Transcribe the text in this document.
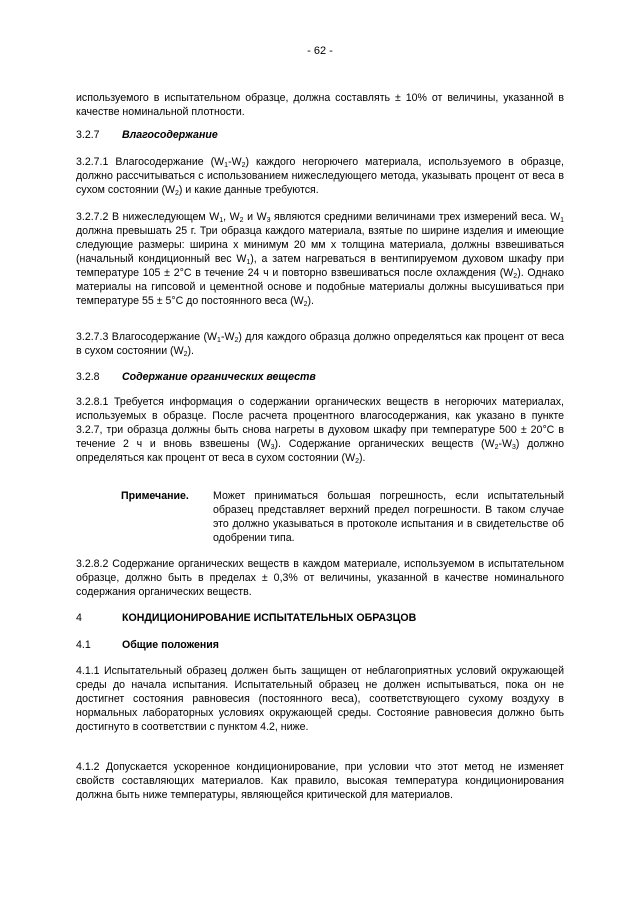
- 62 -
используемого в испытательном образце, должна составлять ± 10% от величины, указанной в качестве номинальной плотности.
3.2.7 Влагосодержание
3.2.7.1 Влагосодержание $(W_1-W_2)$ каждого негорючего материала, используемого в образце, должно рассчитываться с использованием нижеследующего метода, указывать процент от веса в сухом состоянии $(W_2)$ и какие данные требуются.
3.2.7.2 В нижеследующем $W_1$, $W_2$ и $W_3$ являются средними величинами трех измерений веса. $W_1$ должна превышать 25 г. Три образца каждого материала, взятые по ширине изделия и имеющие следующие размеры: ширина х минимум 20 мм х толщина материала, должны взвешиваться (начальный кондиционный вес $W_1$), а затем нагреваться в вентипируемом духовом шкафу при температуре 105 ± 2°С в течение 24 ч и повторно взвешиваться после охлаждения $(W_2)$. Однако материалы на гипсовой и цементной основе и подобные материалы должны высушиваться при температуре 55 ± 5°С до постоянного веса $(W_2)$.
3.2.7.3 Влагосодержание $(W_1-W_2)$ для каждого образца должно определяться как процент от веса в сухом состоянии $(W_2)$.
3.2.8 Содержание органических веществ
3.2.8.1 Требуется информация о содержании органических веществ в негорючих материалах, используемых в образце. После расчета процентного влагосодержания, как указано в пункте 3.2.7, три образца должны быть снова нагреты в духовом шкафу при температуре 500 ± 20°С в течение 2 ч и вновь взвешены $(W_3)$. Содержание органических веществ $(W_2-W_3)$ должно определяться как процент от веса в сухом состоянии $(W_2)$.
Примечание.	Может приниматься большая погрешность, если испытательный образец представляет верхний предел погрешности. В таком случае это должно указываться в протоколе испытания и в свидетельстве об одобрении типа.
3.2.8.2 Содержание органических веществ в каждом материале, используемом в испытательном образце, должно быть в пределах ± 0,3% от величины, указанной в качестве номинального содержания органических веществ.
4	КОНДИЦИОНИРОВАНИЕ ИСПЫТАТЕЛЬНЫХ ОБРАЗЦОВ
4.1	Общие положения
4.1.1 Испытательный образец должен быть защищен от неблагоприятных условий окружающей среды до начала испытания. Испытательный образец не должен испытываться, пока он не достигнет состояния равновесия (постоянного веса), соответствующего сухому воздуху в нормальных лабораторных условиях окружающей среды. Состояние равновесия должно быть достигнуто в соответствии с пунктом 4.2, ниже.
4.1.2 Допускается ускоренное кондиционирование, при условии что этот метод не изменяет свойств составляющих материалов. Как правило, высокая температура кондиционирования должна быть ниже температуры, являющейся критической для материалов.
